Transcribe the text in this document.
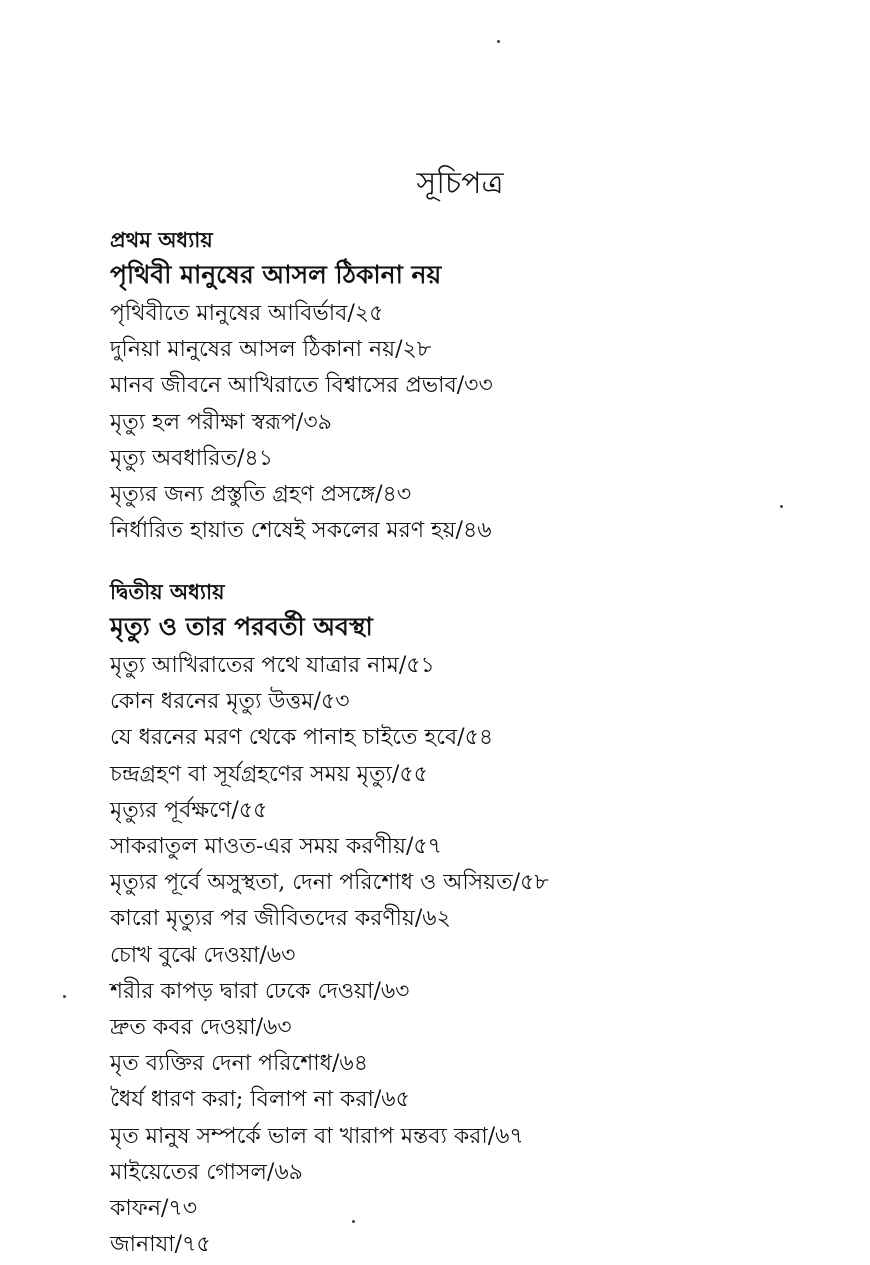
সূচিপত্র

প্রথম অধ্যায়

পৃথিবী মানুষের আসল ঠিকানা নয়
পৃথিবীতে মানুষের আবির্ভাব/২৫
দুনিয়া মানুষের আসল ঠিকানা নয়/২৮
মানব জীবনে আখিরাতে বিশ্বাসের প্রভাব/৩৩
মৃত্যু হল পরীক্ষা স্বরূপ/৩৯
মৃত্যু অবধারিত/৪১
মৃত্যুর জন্য প্রস্তুতি গ্রহণ প্রসঙ্গে/৪৩
নির্ধারিত হায়াত শেষেই সকলের মরণ হয়/৪৬

দ্বিতীয় অধ্যায়

মৃত্যু ও তার পরবর্তী অবস্থা
মৃত্যু আখিরাতের পথে যাত্রার নাম/৫১
কোন ধরনের মৃত্যু উত্তম/৫৩
যে ধরনের মরণ থেকে পানাহ চাইতে হবে/৫৪
চন্দ্রগ্রহণ বা সূর্যগ্রহণের সময় মৃত্যু/৫৫
মৃত্যুর পূর্বক্ষণে/৫৫
সাকরাতুল মাওত-এর সময় করণীয়/৫৭
মৃত্যুর পূর্বে অসুস্থতা, দেনা পরিশোধ ও অসিয়ত/৫৮
কারো মৃত্যুর পর জীবিতদের করণীয়/৬২
চোখ বুঝে দেওয়া/৬৩
শরীর কাপড় দ্বারা ঢেকে দেওয়া/৬৩
দ্রুত কবর দেওয়া/৬৩
মৃত ব্যক্তির দেনা পরিশোধ/৬৪
ধৈর্য ধারণ করা; বিলাপ না করা/৬৫
মৃত মানুষ সম্পর্কে ভাল বা খারাপ মন্তব্য করা/৬৭
মাইয়েতের গোসল/৬৯
কাফন/৭৩
জানাযা/৭৫
